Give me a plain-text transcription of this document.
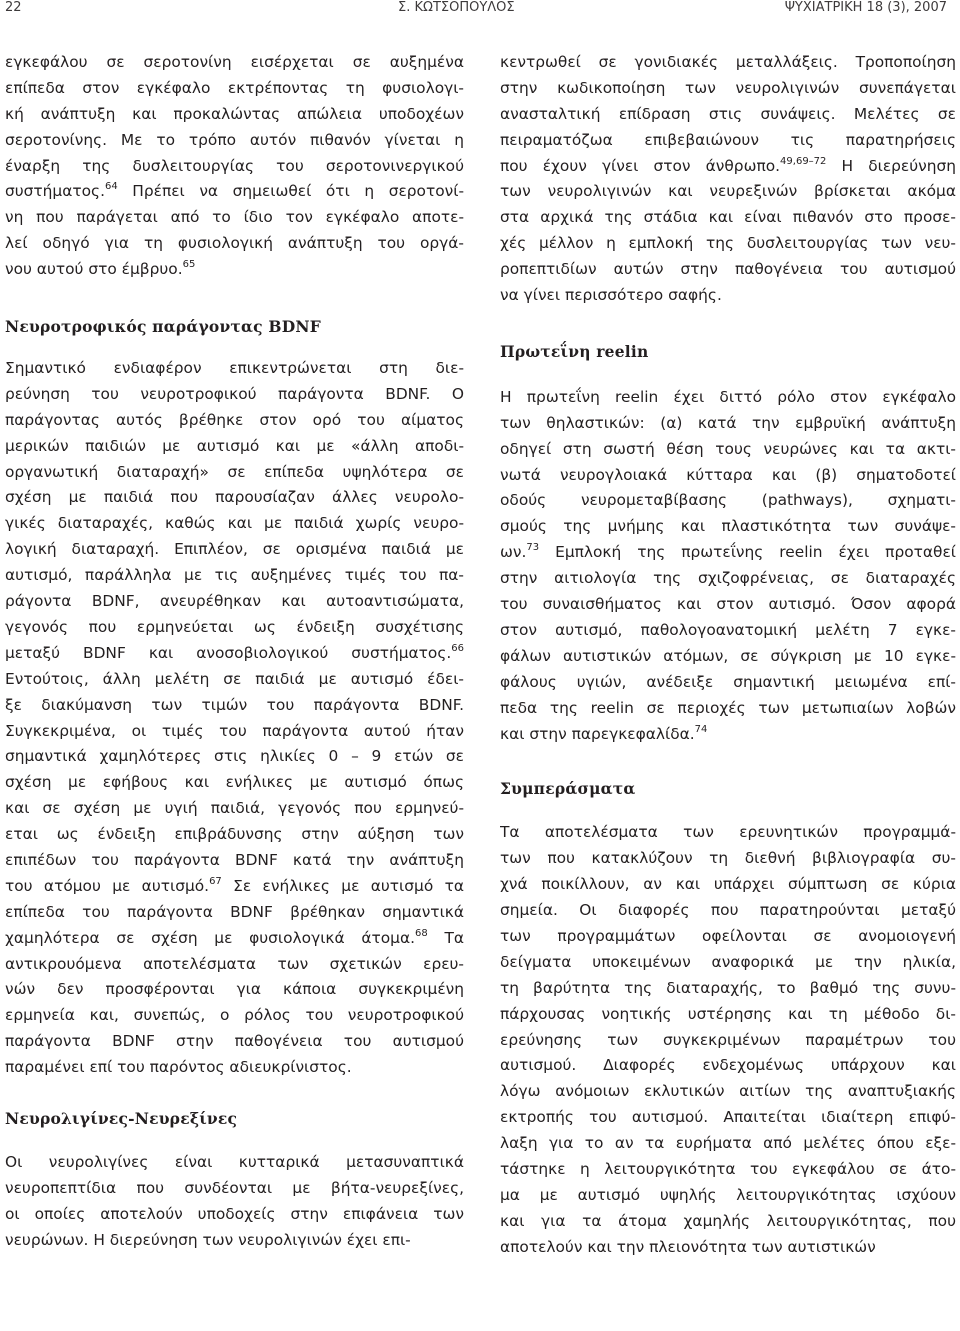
22	Σ. ΚΩΤΣΟΠΟΥΛΟΣ	ΨΥΧΙΑΤΡΙΚΗ 18 (3), 2007

εγκεφάλου σε σεροτονίνη εισέρχεται σε αυξημένα
επίπεδα στον εγκέφαλο εκτρέποντας τη φυσιολογι-
κή ανάπτυξη και προκαλώντας απώλεια υποδοχέων
σεροτονίνης. Με το τρόπο αυτόν πιθανόν γίνεται η
έναρξη της δυσλειτουργίας του σεροτονινεργικού
συστήματος.$^{64}$ Πρέπει να σημειωθεί ότι η σεροτονί-
νη που παράγεται από το ίδιο τον εγκέφαλο αποτε-
λεί οδηγό για τη φυσιολογική ανάπτυξη του οργά-
νου αυτού στο έμβρυο.$^{65}$

Νευροτροφικός παράγοντας BDNF

Σημαντικό ενδιαφέρον επικεντρώνεται στη διε-
ρεύνηση του νευροτροφικού παράγοντα BDNF. Ο
παράγοντας αυτός βρέθηκε στον ορό του αίματος
μερικών παιδιών με αυτισμό και με «άλλη αποδι-
οργανωτική διαταραχή» σε επίπεδα υψηλότερα σε
σχέση με παιδιά που παρουσίαζαν άλλες νευρολο-
γικές διαταραχές, καθώς και με παιδιά χωρίς νευρο-
λογική διαταραχή. Επιπλέον, σε ορισμένα παιδιά με
αυτισμό, παράλληλα με τις αυξημένες τιμές του πα-
ράγοντα BDNF, ανευρέθηκαν και αυτοαντισώματα,
γεγονός που ερμηνεύεται ως ένδειξη συσχέτισης
μεταξύ BDNF και ανοσοβιολογικού συστήματος.$^{66}$
Εντούτοις, άλλη μελέτη σε παιδιά με αυτισμό έδει-
ξε διακύμανση των τιμών του παράγοντα BDNF.
Συγκεκριμένα, οι τιμές του παράγοντα αυτού ήταν
σημαντικά χαμηλότερες στις ηλικίες 0 – 9 ετών σε
σχέση με εφήβους και ενήλικες με αυτισμό όπως
και σε σχέση με υγιή παιδιά, γεγονός που ερμηνεύ-
εται ως ένδειξη επιβράδυνσης στην αύξηση των
επιπέδων του παράγοντα BDNF κατά την ανάπτυξη
του ατόμου με αυτισμό.$^{67}$ Σε ενήλικες με αυτισμό τα
επίπεδα του παράγοντα BDNF βρέθηκαν σημαντικά
χαμηλότερα σε σχέση με φυσιολογικά άτομα.$^{68}$ Τα
αντικρουόμενα αποτελέσματα των σχετικών ερευ-
νών δεν προσφέρονται για κάποια συγκεκριμένη
ερμηνεία και, συνεπώς, ο ρόλος του νευροτροφικού
παράγοντα BDNF στην παθογένεια του αυτισμού
παραμένει επί του παρόντος αδιευκρίνιστος.

Νευρολιγίνες-Νευρεξίνες

Οι νευρολιγίνες είναι κυτταρικά μετασυναπτικά
νευροπεπτίδια που συνδέονται με βήτα-νευρεξίνες,
οι οποίες αποτελούν υποδοχείς στην επιφάνεια των
νευρώνων. Η διερεύνηση των νευρολιγινών έχει επι-

κεντρωθεί σε γονιδιακές μεταλλάξεις. Τροποποίηση
στην κωδικοποίηση των νευρολιγινών συνεπάγεται
ανασταλτική επίδραση στις συνάψεις. Μελέτες σε
πειραματόζωα επιβεβαιώνουν τις παρατηρήσεις
που έχουν γίνει στον άνθρωπο.$^{49,69-72}$ Η διερεύνηση
των νευρολιγινών και νευρεξινών βρίσκεται ακόμα
στα αρχικά της στάδια και είναι πιθανόν στο προσε-
χές μέλλον η εμπλοκή της δυσλειτουργίας των νευ-
ροπεπτιδίων αυτών στην παθογένεια του αυτισμού
να γίνει περισσότερο σαφής.

Πρωτεΐνη reelin

Η πρωτεΐνη reelin έχει διττό ρόλο στον εγκέφαλο
των θηλαστικών: (α) κατά την εμβρυϊκή ανάπτυξη
οδηγεί στη σωστή θέση τους νευρώνες και τα ακτι-
νωτά νευρογλοιακά κύτταρα και (β) σηματοδοτεί
οδούς νευρομεταβίβασης (pathways), σχηματι-
σμούς της μνήμης και πλαστικότητα των συνάψε-
ων.$^{73}$ Εμπλοκή της πρωτεΐνης reelin έχει προταθεί
στην αιτιολογία της σχιζοφρένειας, σε διαταραχές
του συναισθήματος και στον αυτισμό. Όσον αφορά
στον αυτισμό, παθολογοανατομική μελέτη 7 εγκε-
φάλων αυτιστικών ατόμων, σε σύγκριση με 10 εγκε-
φάλους υγιών, ανέδειξε σημαντική μειωμένα επί-
πεδα της reelin σε περιοχές των μετωπιαίων λοβών
και στην παρεγκεφαλίδα.$^{74}$

Συμπεράσματα

Τα αποτελέσματα των ερευνητικών προγραμμά-
των που κατακλύζουν τη διεθνή βιβλιογραφία συ-
χνά ποικίλλουν, αν και υπάρχει σύμπτωση σε κύρια
σημεία. Οι διαφορές που παρατηρούνται μεταξύ
των προγραμμάτων οφείλονται σε ανομοιογενή
δείγματα υποκειμένων αναφορικά με την ηλικία,
τη βαρύτητα της διαταραχής, το βαθμό της συνυ-
πάρχουσας νοητικής υστέρησης και τη μέθοδο δι-
ερεύνησης των συγκεκριμένων παραμέτρων του
αυτισμού. Διαφορές ενδεχομένως υπάρχουν και
λόγω ανόμοιων εκλυτικών αιτίων της αναπτυξιακής
εκτροπής του αυτισμού. Απαιτείται ιδιαίτερη επιφύ-
λαξη για το αν τα ευρήματα από μελέτες όπου εξε-
τάστηκε η λειτουργικότητα του εγκεφάλου σε άτο-
μα με αυτισμό υψηλής λειτουργικότητας ισχύουν
και για τα άτομα χαμηλής λειτουργικότητας, που
αποτελούν και την πλειονότητα των αυτιστικών
